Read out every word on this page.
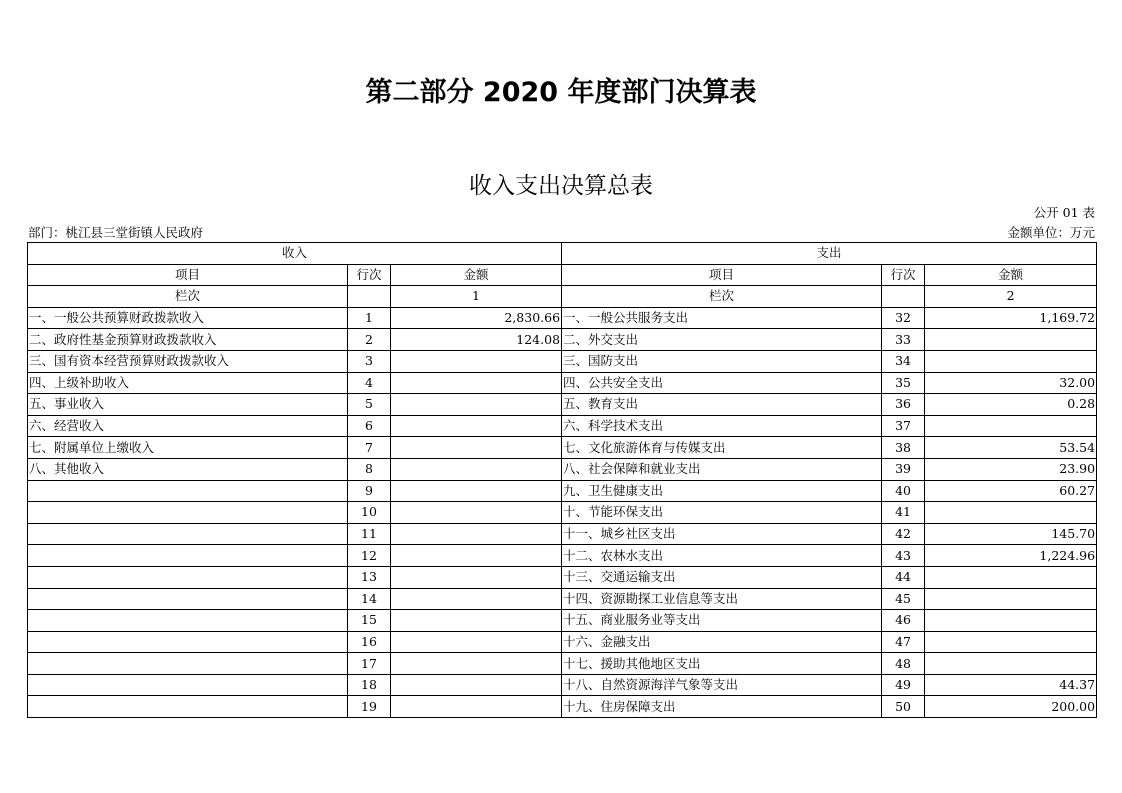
第二部分 2020 年度部门决算表
收入支出决算总表
公开 01 表
部门：桃江县三堂街镇人民政府	金额单位：万元
收入			支出		
项目	行次	金额	项目	行次	金额
栏次		1	栏次		2
一、一般公共预算财政拨款收入	1	2,830.66	一、一般公共服务支出	32	1,169.72
二、政府性基金预算财政拨款收入	2	124.08	二、外交支出	33	
三、国有资本经营预算财政拨款收入	3		三、国防支出	34	
四、上级补助收入	4		四、公共安全支出	35	32.00
五、事业收入	5		五、教育支出	36	0.28
六、经营收入	6		六、科学技术支出	37	
七、附属单位上缴收入	7		七、文化旅游体育与传媒支出	38	53.54
八、其他收入	8		八、社会保障和就业支出	39	23.90
	9		九、卫生健康支出	40	60.27
	10		十、节能环保支出	41	
	11		十一、城乡社区支出	42	145.70
	12		十二、农林水支出	43	1,224.96
	13		十三、交通运输支出	44	
	14		十四、资源勘探工业信息等支出	45	
	15		十五、商业服务业等支出	46	
	16		十六、金融支出	47	
	17		十七、援助其他地区支出	48	
	18		十八、自然资源海洋气象等支出	49	44.37
	19		十九、住房保障支出	50	200.00
